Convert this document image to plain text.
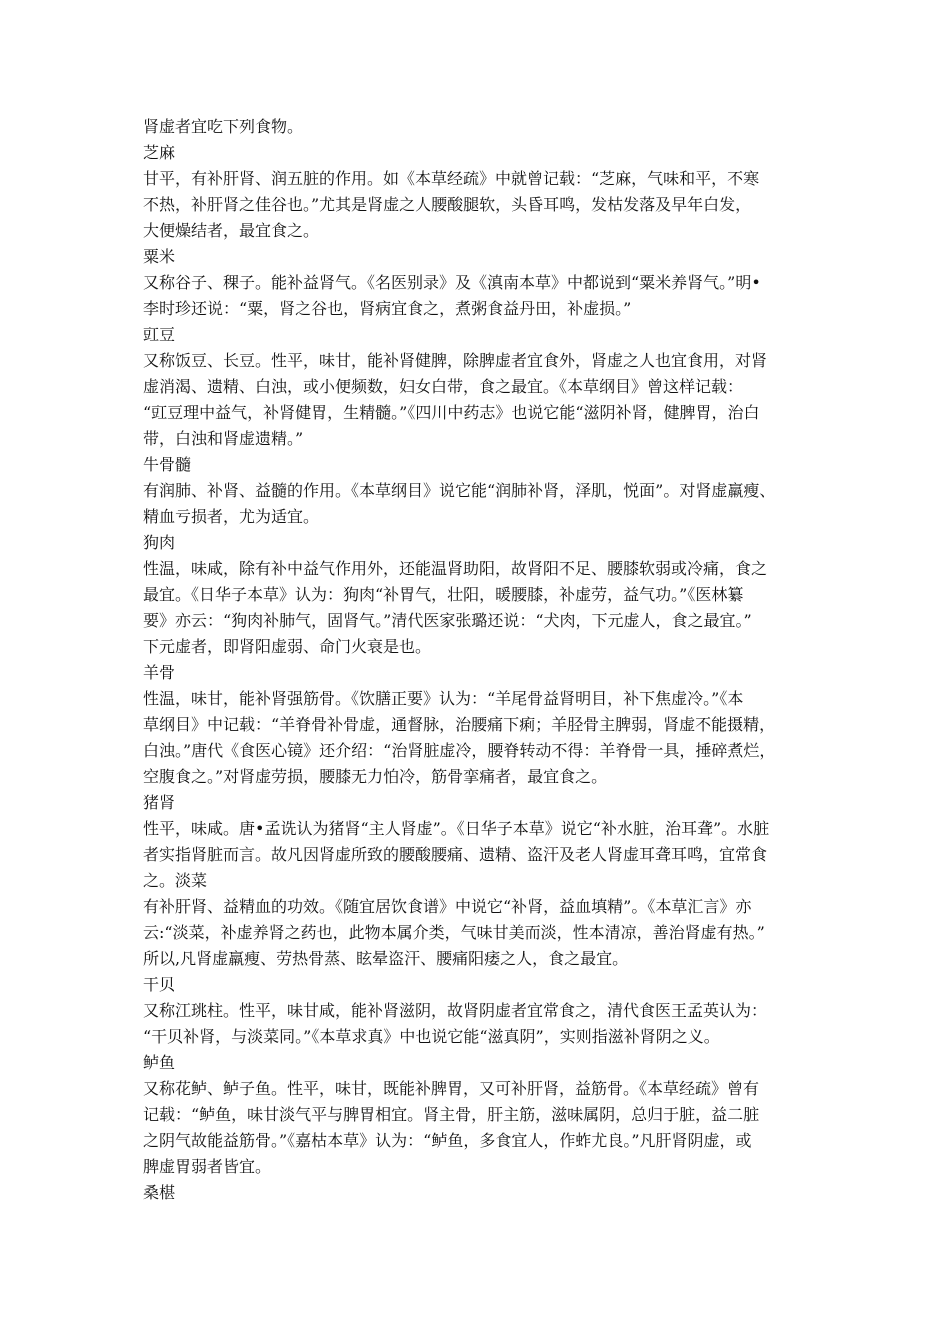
肾虚者宜吃下列食物。
芝麻
甘平，有补肝肾、润五脏的作用。如《本草经疏》中就曾记载：“芝麻，气味和平，不寒
不热，补肝肾之佳谷也。”尤其是肾虚之人腰酸腿软，头昏耳鸣，发枯发落及早年白发，
大便燥结者，最宜食之。
粟米
又称谷子、稞子。能补益肾气。《名医别录》及《滇南本草》中都说到“粟米养肾气。”明•
李时珍还说：“粟，肾之谷也，肾病宜食之，煮粥食益丹田，补虚损。”
豇豆
又称饭豆、长豆。性平，味甘，能补肾健脾，除脾虚者宜食外，肾虚之人也宜食用，对肾
虚消渴、遗精、白浊，或小便频数，妇女白带，食之最宜。《本草纲目》曾这样记载：
“豇豆理中益气，补肾健胃，生精髓。”《四川中药志》也说它能“滋阴补肾，健脾胃，治白
带，白浊和肾虚遗精。”
牛骨髓
有润肺、补肾、益髓的作用。《本草纲目》说它能“润肺补肾，泽肌，悦面”。对肾虚羸瘦、
精血亏损者，尤为适宜。
狗肉
性温，味咸，除有补中益气作用外，还能温肾助阳，故肾阳不足、腰膝软弱或冷痛，食之
最宜。《日华子本草》认为：狗肉“补胃气，壮阳，暖腰膝，补虚劳，益气功。”《医林纂
要》亦云：“狗肉补肺气，固肾气。”清代医家张璐还说：“犬肉，下元虚人，食之最宜。”
下元虚者，即肾阳虚弱、命门火衰是也。
羊骨
性温，味甘，能补肾强筋骨。《饮膳正要》认为：“羊尾骨益肾明目，补下焦虚冷。”《本
草纲目》中记载：“羊脊骨补骨虚，通督脉，治腰痛下痢；羊胫骨主脾弱，肾虚不能摄精，
白浊。”唐代《食医心镜》还介绍：“治肾脏虚冷，腰脊转动不得：羊脊骨一具，捶碎煮烂，
空腹食之。”对肾虚劳损，腰膝无力怕冷，筋骨挛痛者，最宜食之。
猪肾
性平，味咸。唐•孟诜认为猪肾“主人肾虚”。《日华子本草》说它“补水脏，治耳聋”。水脏
者实指肾脏而言。故凡因肾虚所致的腰酸腰痛、遗精、盗汗及老人肾虚耳聋耳鸣，宜常食
之。淡菜
有补肝肾、益精血的功效。《随宜居饮食谱》中说它“补肾，益血填精”。《本草汇言》亦
云:“淡菜，补虚养肾之药也，此物本属介类，气味甘美而淡，性本清凉，善治肾虚有热。”
所以,凡肾虚羸瘦、劳热骨蒸、眩晕盗汗、腰痛阳痿之人，食之最宜。
干贝
又称江珧柱。性平，味甘咸，能补肾滋阴，故肾阴虚者宜常食之，清代食医王孟英认为：
“干贝补肾，与淡菜同。”《本草求真》中也说它能“滋真阴”，实则指滋补肾阴之义。
鲈鱼
又称花鲈、鲈子鱼。性平，味甘，既能补脾胃，又可补肝肾，益筋骨。《本草经疏》曾有
记载：“鲈鱼，味甘淡气平与脾胃相宜。肾主骨，肝主筋，滋味属阴，总归于脏，益二脏
之阴气故能益筋骨。”《嘉枯本草》认为：“鲈鱼，多食宜人，作蚱尤良。”凡肝肾阴虚，或
脾虚胃弱者皆宜。
桑椹
